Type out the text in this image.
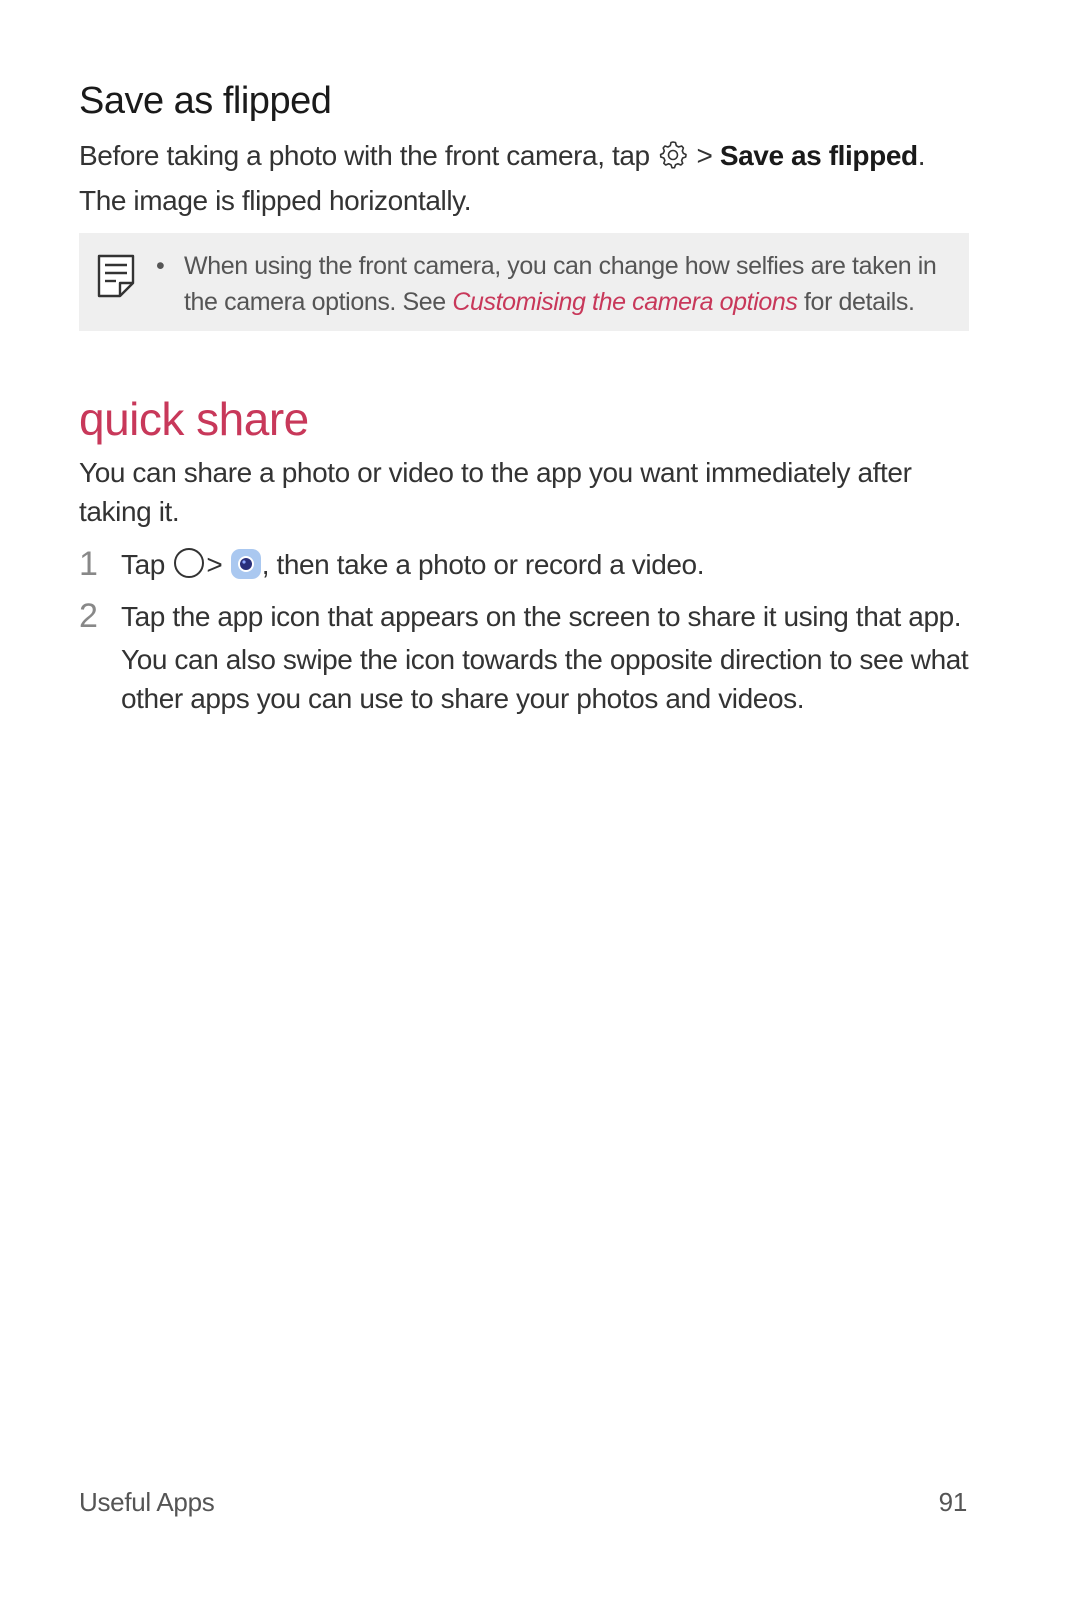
Save as flipped
Before taking a photo with the front camera, tap > Save as flipped.
The image is flipped horizontally.
• When using the front camera, you can change how selfies are taken in the camera options. See Customising the camera options for details.
quick share
You can share a photo or video to the app you want immediately after taking it.
1 Tap > , then take a photo or record a video.
2 Tap the app icon that appears on the screen to share it using that app.
You can also swipe the icon towards the opposite direction to see what other apps you can use to share your photos and videos.
Useful Apps	91
